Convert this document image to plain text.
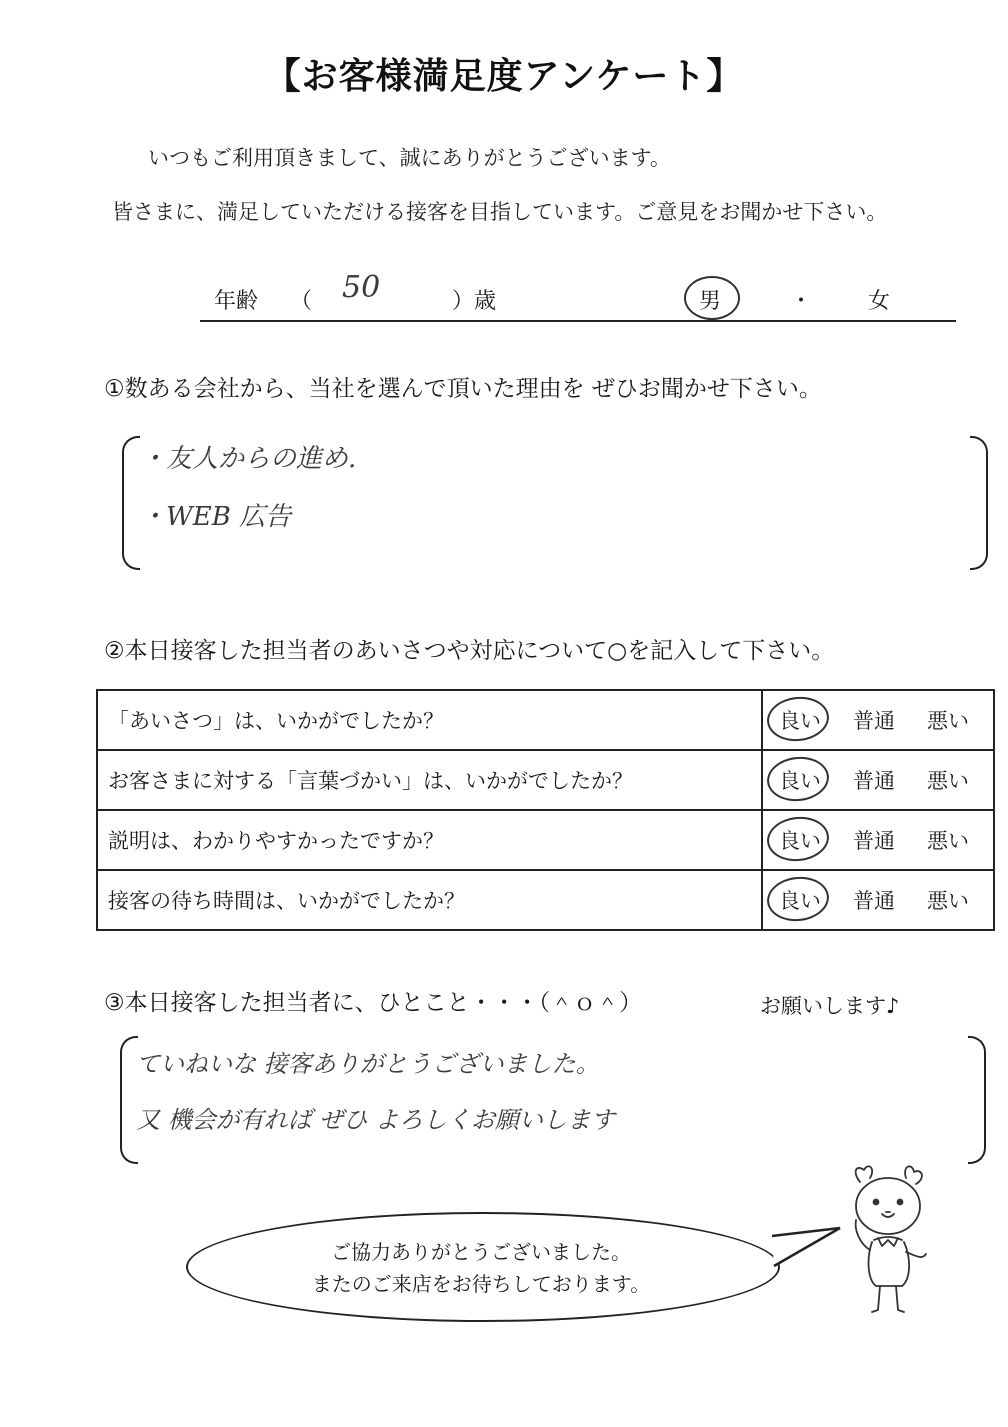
【お客様満足度アンケート】
いつもご利用頂きまして、誠にありがとうございます。
皆さまに、満足していただける接客を目指しています。ご意見をお聞かせ下さい。
年齢 （ 50	）歳	男	・	女
①数ある会社から、当社を選んで頂いた理由を ぜひお聞かせ下さい。
・友人からの進め.
・WEB 広告
②本日接客した担当者のあいさつや対応について○を記入して下さい。
「あいさつ」は、いかがでしたか？	良い 普通 悪い
お客さまに対する「言葉づかい」は、いかがでしたか？	良い 普通 悪い
説明は、わかりやすかったですか？	良い 普通 悪い
接客の待ち時間は、いかがでしたか？	良い 普通 悪い
③本日接客した担当者に、ひとこと・・・（＾ｏ＾）	お願いします♪
ていねいな 接客ありがとうございました。
又 機会が有れば ぜひ よろしくお願いします
ご協力ありがとうございました。
またのご来店をお待ちしております。
